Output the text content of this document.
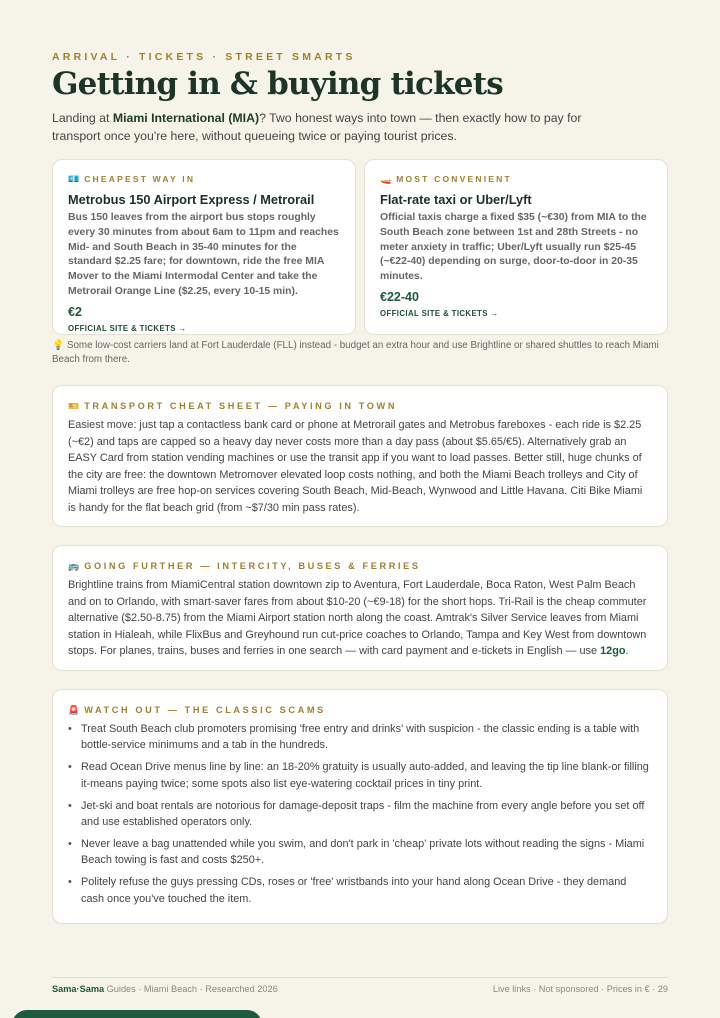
ARRIVAL · TICKETS · STREET SMARTS
Getting in & buying tickets

Landing at Miami International (MIA)? Two honest ways into town — then exactly how to pay for transport once you're here, without queueing twice or paying tourist prices.

💶 CHEAPEST WAY IN
Metrobus 150 Airport Express / Metrorail
Bus 150 leaves from the airport bus stops roughly every 30 minutes from about 6am to 11pm and reaches Mid- and South Beach in 35-40 minutes for the standard $2.25 fare; for downtown, ride the free MIA Mover to the Miami Intermodal Center and take the Metrorail Orange Line ($2.25, every 10-15 min).
€2
OFFICIAL SITE & TICKETS →
🚤 MOST CONVENIENT
Flat-rate taxi or Uber/Lyft
Official taxis charge a fixed $35 (~€30) from MIA to the South Beach zone between 1st and 28th Streets - no meter anxiety in traffic; Uber/Lyft usually run $25-45 (~€22-40) depending on surge, door-to-door in 20-35 minutes.
€22-40
OFFICIAL SITE & TICKETS →

💡 Some low-cost carriers land at Fort Lauderdale (FLL) instead - budget an extra hour and use Brightline or shared shuttles to reach Miami Beach from there.

🎫 TRANSPORT CHEAT SHEET — PAYING IN TOWN

Easiest move: just tap a contactless bank card or phone at Metrorail gates and Metrobus fareboxes - each ride is $2.25 (~€2) and taps are capped so a heavy day never costs more than a day pass (about $5.65/€5). Alternatively grab an EASY Card from station vending machines or use the transit app if you want to load passes. Better still, huge chunks of the city are free: the downtown Metromover elevated loop costs nothing, and both the Miami Beach trolleys and City of Miami trolleys are free hop-on services covering South Beach, Mid-Beach, Wynwood and Little Havana. Citi Bike Miami is handy for the flat beach grid (from ~$7/30 min pass rates).

🚌 GOING FURTHER — INTERCITY, BUSES & FERRIES

Brightline trains from MiamiCentral station downtown zip to Aventura, Fort Lauderdale, Boca Raton, West Palm Beach and on to Orlando, with smart-saver fares from about $10-20 (~€9-18) for the short hops. Tri-Rail is the cheap commuter alternative ($2.50-8.75) from the Miami Airport station north along the coast. Amtrak's Silver Service leaves from Miami station in Hialeah, while FlixBus and Greyhound run cut-price coaches to Orlando, Tampa and Key West from downtown stops. For planes, trains, buses and ferries in one search — with card payment and e-tickets in English — use 12go.

🚨 WATCH OUT — THE CLASSIC SCAMS
• Treat South Beach club promoters promising 'free entry and drinks' with suspicion - the classic ending is a table with bottle-service minimums and a tab in the hundreds.
• Read Ocean Drive menus line by line: an 18-20% gratuity is usually auto-added, and leaving the tip line blank-or filling it-means paying twice; some spots also list eye-watering cocktail prices in tiny print.
• Jet-ski and boat rentals are notorious for damage-deposit traps - film the machine from every angle before you set off and use established operators only.
• Never leave a bag unattended while you swim, and don't park in 'cheap' private lots without reading the signs - Miami Beach towing is fast and costs $250+.
• Politely refuse the guys pressing CDs, roses or 'free' wristbands into your hand along Ocean Drive - they demand cash once you've touched the item.
Sama·Sama Guides · Miami Beach · Researched 2026	Live links · Not sponsored · Prices in € · 29
